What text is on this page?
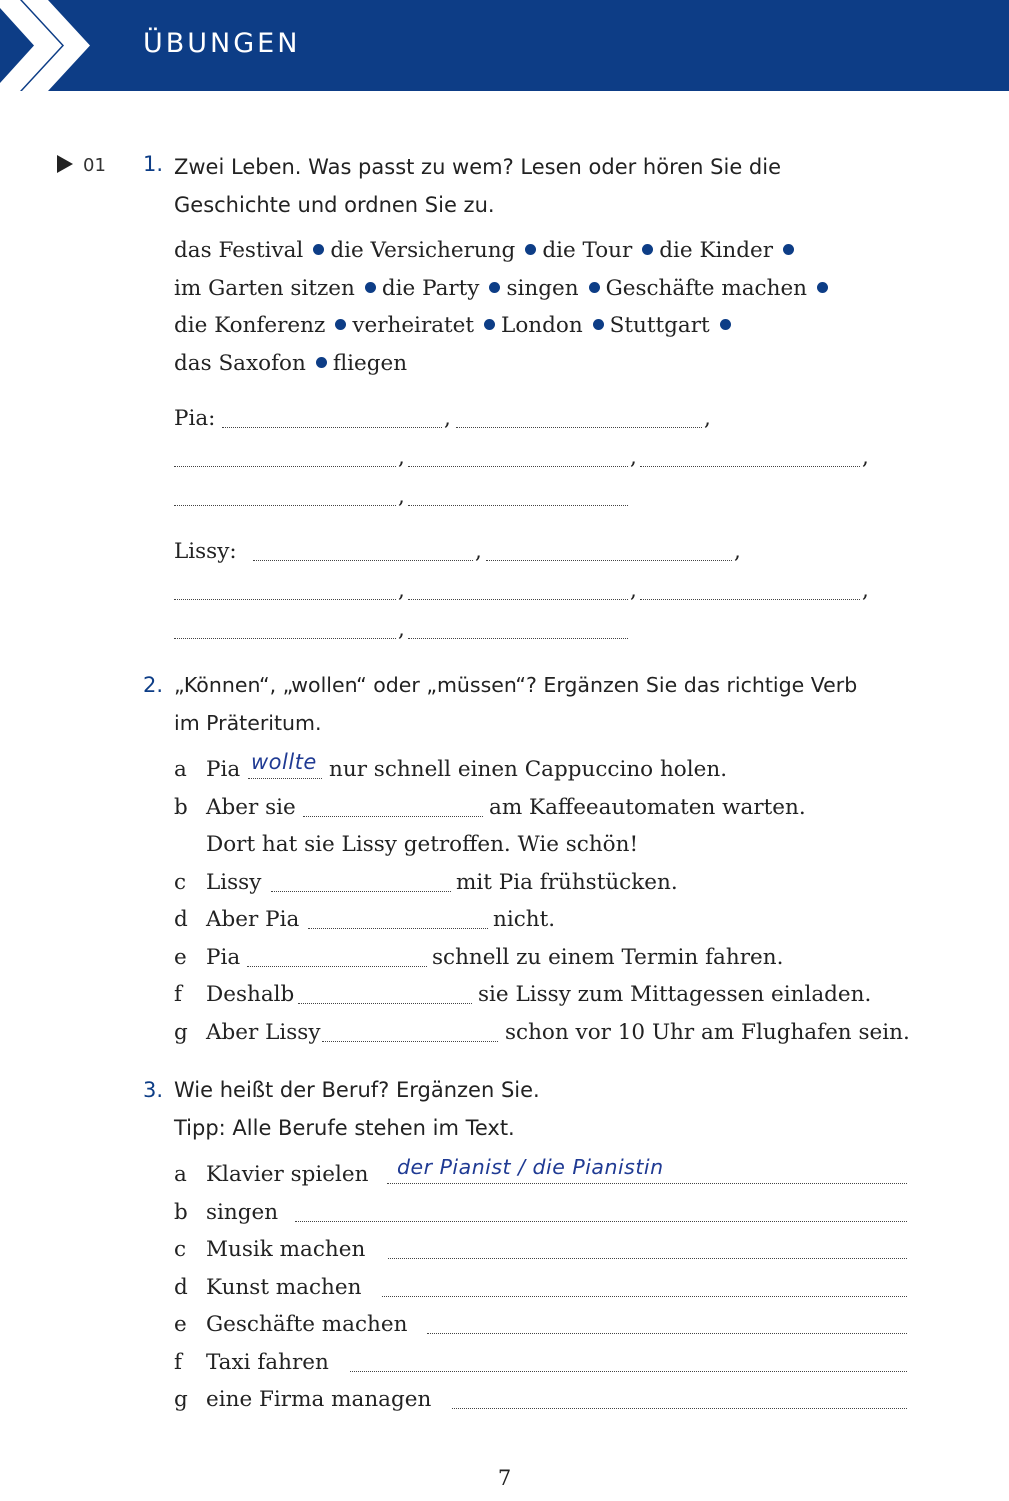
ÜBUNGEN
01 1. Zwei Leben. Was passt zu wem? Lesen oder hören Sie die
Geschichte und ordnen Sie zu.
das Festival die Versicherung die Tour die Kinder
im Garten sitzen die Party singen Geschäfte machen
die Konferenz verheiratet London Stuttgart
das Saxofon fliegen
Pia:	,	,
,	,	,
,
Lissy:	,	,
,	,	,
,
2. „Können“, „wollen“ oder „müssen“? Ergänzen Sie das richtige Verb
im Präteritum.
a Pia wollte nur schnell einen Cappuccino holen.
b Aber sie	am Kaffeeautomaten warten.
Dort hat sie Lissy getroffen. Wie schön!
c Lissy	mit Pia frühstücken.
d Aber Pia	nicht.
e Pia	schnell zu einem Termin fahren.
f Deshalb	sie Lissy zum Mittagessen einladen.
g Aber Lissy	schon vor 10 Uhr am Flughafen sein.
3. Wie heißt der Beruf? Ergänzen Sie.
Tipp: Alle Berufe stehen im Text.
a Klavier spielen der Pianist / die Pianistin
b singen
c Musik machen
d Kunst machen
e Geschäfte machen
f Taxi fahren
g eine Firma managen
7
